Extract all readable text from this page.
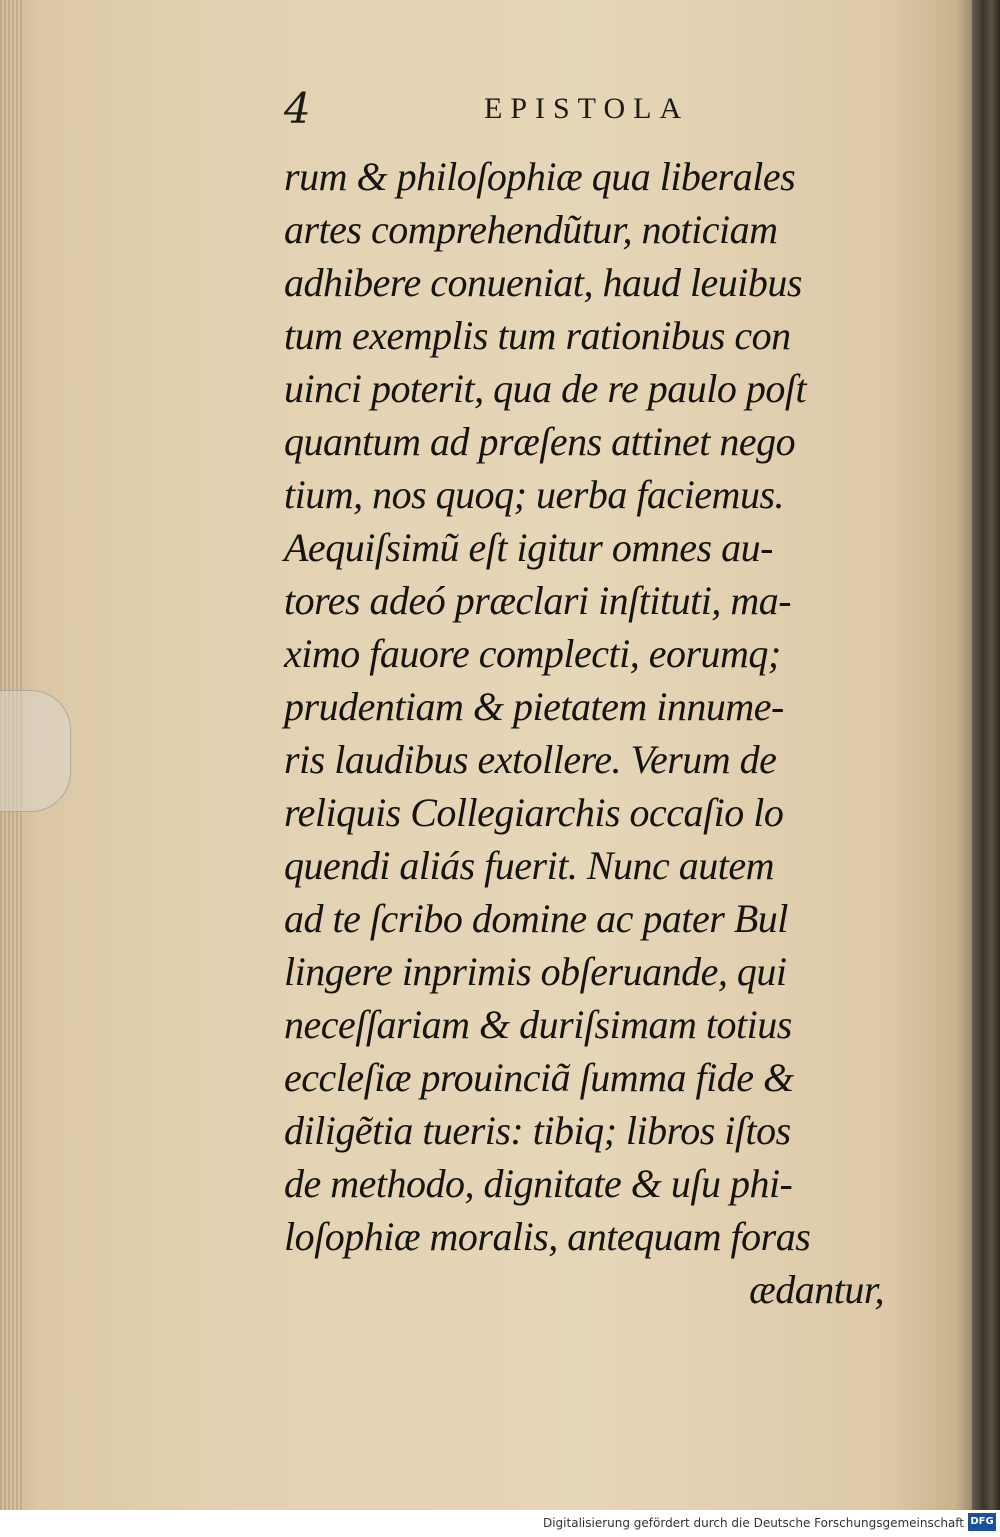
4	EPISTOLA
rum & philoſophiæ qua liberales
artes comprehendũtur, noticiam
adhibere conueniat, haud leuibus
tum exemplis tum rationibus con
uinci poterit, qua de re paulo poſt
quantum ad præſens attinet nego
tium, nos quoq; uerba faciemus.
Aequiſsimũ eſt igitur omnes au-
tores adeó præclari inſtituti, ma-
ximo fauore complecti, eorumq;
prudentiam & pietatem innume-
ris laudibus extollere. Verum de
reliquis Collegiarchis occaſio lo
quendi aliás fuerit. Nunc autem
ad te ſcribo domine ac pater Bul
lingere inprimis obſeruande, qui
neceſſariam & duriſsimam totius
eccleſiæ prouinciã ſumma fide &
diligẽtia tueris: tibiq; libros iſtos
de methodo, dignitate & uſu phi-
loſophiæ moralis, antequam foras
ædantur,
Digitalisierung gefördert durch die Deutsche Forschungsgemeinschaft DFG
